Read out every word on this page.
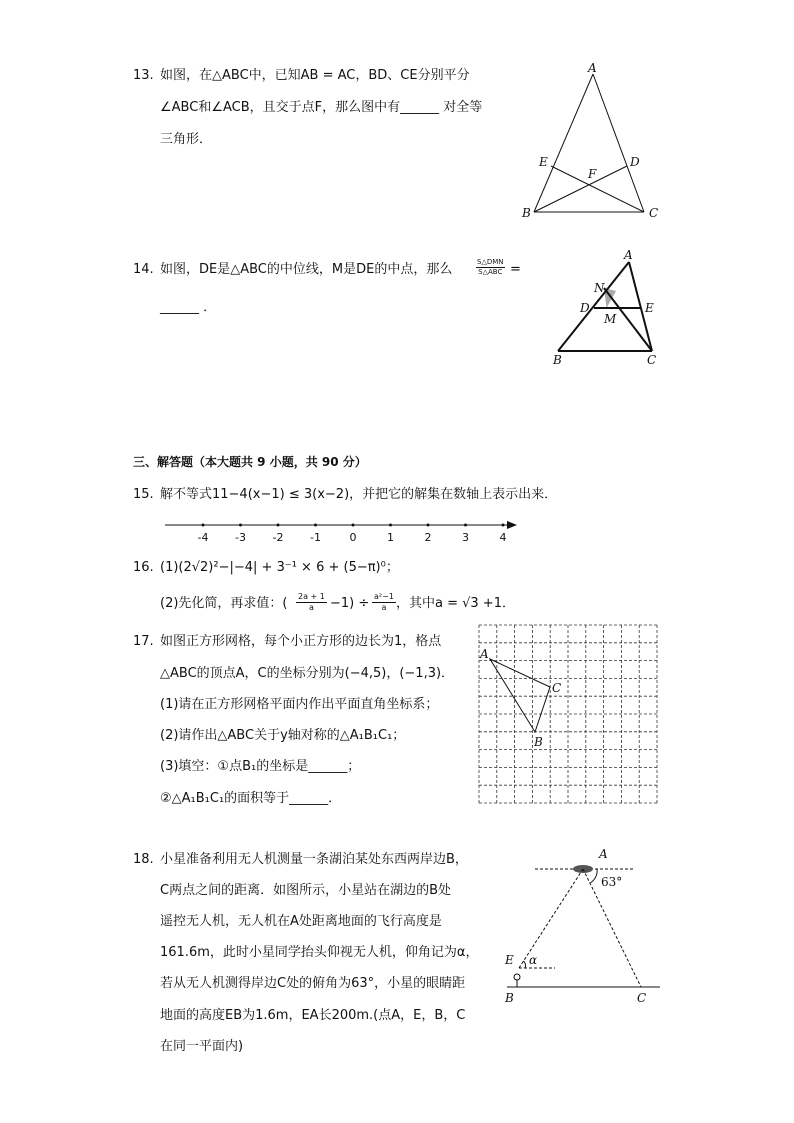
13. 如图，在△ABC中，已知AB = AC，BD、CE分别平分
∠ABC和∠ACB，且交于点F，那么图中有______ 对全等
三角形．
A
B	C
D
E
F
14. 如图，DE是△ABC的中位线，M是DE的中点，那么	S△DMN
S△ABC =
______ ．
A
B	C
D	E
M
N
三、解答题（本大题共 9 小题，共 90 分）
15. 解不等式11−4(x−1) ≤ 3(x−2)，并把它的解集在数轴上表示出来．
-4 -3 -2 -1	0	1	2	3	4
16. (1)(2√2)²−|−4| + 3⁻¹ × 6 + (5−π)⁰；
(2)先化简，再求值：( $\frac{2a + 1}{a} -1) \div \frac{\text{a²−1}}{a}$ ，其中a = √3 +1．
17. 如图正方形网格，每个小正方形的边长为1，格点
△ABC的顶点A，C的坐标分别为(−4,5)，(−1,3)．
(1)请在正方形网格平面内作出平面直角坐标系；
(2)请作出△ABC关于y轴对称的△A₁B₁C₁；
(3)填空：①点B₁的坐标是______；
②△A₁B₁C₁的面积等于______．
A
C
B
18. 小星准备利用无人机测量一条湖泊某处东西两岸边B，
C两点之间的距离．如图所示，小星站在湖边的B处
遥控无人机，无人机在A处距离地面的飞行高度是
161.6m，此时小星同学抬头仰视无人机，仰角记为α，
若从无人机测得岸边C处的俯角为63°，小星的眼睛距
地面的高度EB为1.6m，EA长200m.(点A，E，B，C
在同一平面内)
A
E
B	C
α
63°
